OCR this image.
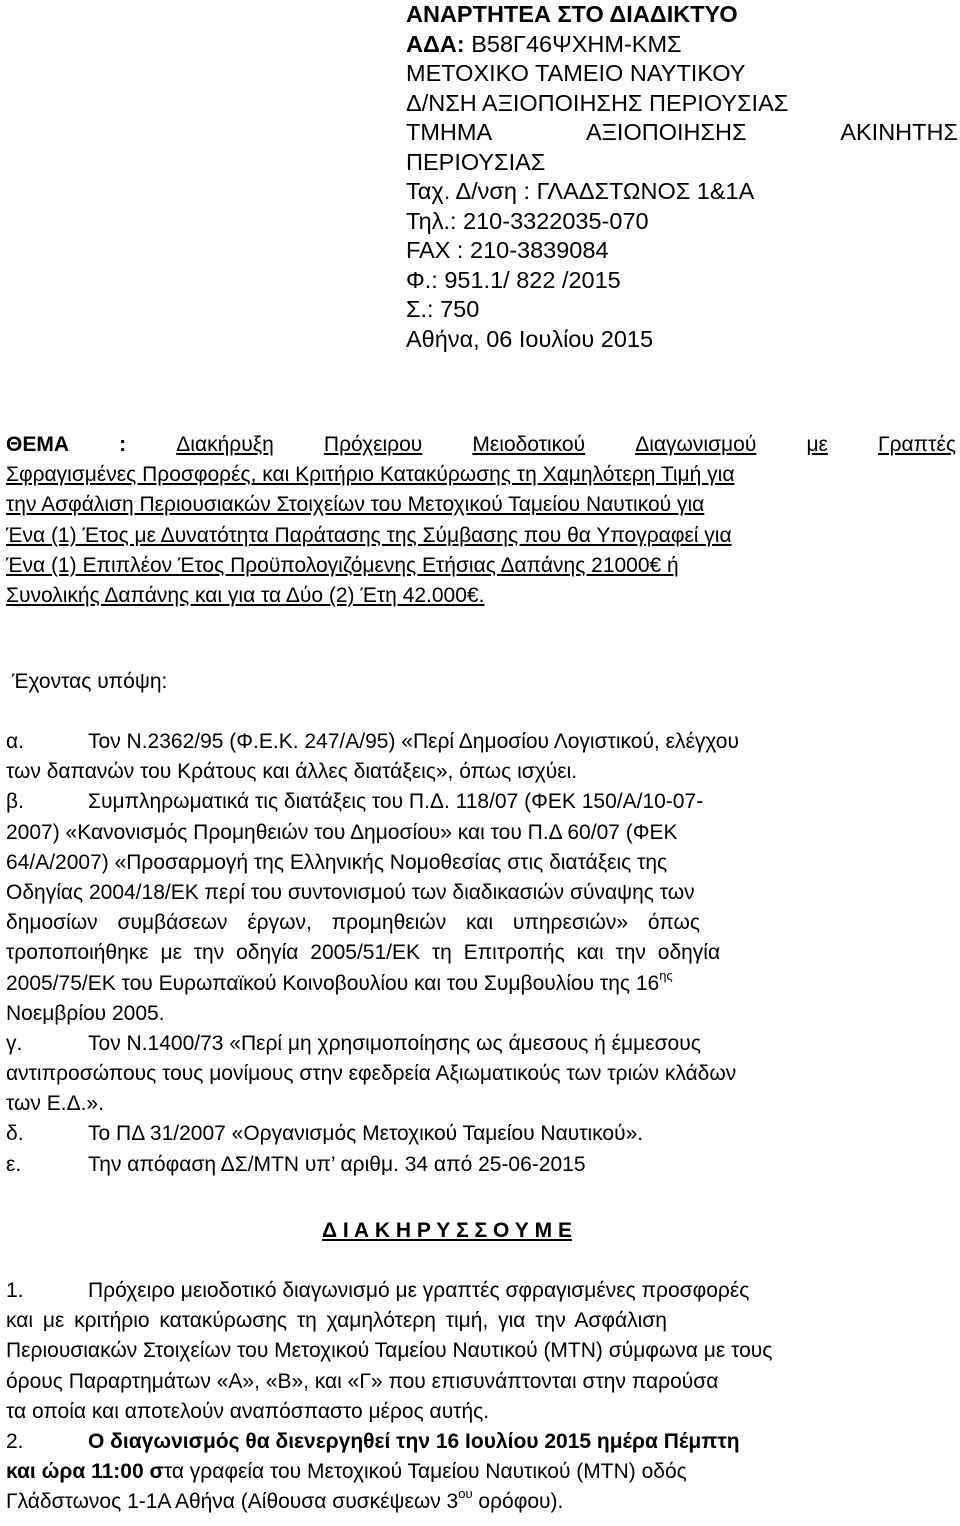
ΑΝΑΡΤΗΤΕΑ ΣΤΟ ΔΙΑΔΙΚΤΥΟ
ΑΔΑ: Β58Γ46ΨΧΗΜ-ΚΜΣ
ΜΕΤΟΧΙΚΟ ΤΑΜΕΙΟ ΝΑΥΤΙΚΟΥ
Δ/ΝΣΗ ΑΞΙΟΠΟΙΗΣΗΣ ΠΕΡΙΟΥΣΙΑΣ
ΤΜΗΜΑ	ΑΞΙΟΠΟΙΗΣΗΣ	ΑΚΙΝΗΤΗΣ
ΠΕΡΙΟΥΣΙΑΣ
Ταχ. Δ/νση : ΓΛΑΔΣΤΩΝΟΣ 1&1Α
Τηλ.: 210-3322035-070
FAX : 210-3839084
Φ.: 951.1/ 822 /2015
Σ.: 750
Αθήνα, 06 Ιουλίου 2015
ΘΕΜΑ : Διακήρυξη Πρόχειρου Μειοδοτικού Διαγωνισμού με Γραπτές
Σφραγισμένες Προσφορές, και Κριτήριο Κατακύρωσης τη Χαμηλότερη Τιμή για
την Ασφάλιση Περιουσιακών Στοιχείων του Μετοχικού Ταμείου Ναυτικού για
Ένα (1) Έτος με Δυνατότητα Παράτασης της Σύμβασης που θα Υπογραφεί για
Ένα (1) Επιπλέον Έτος Προϋπολογιζόμενης Ετήσιας Δαπάνης 21000€ ή
Συνολικής Δαπάνης και για τα Δύο (2) Έτη 42.000€.
Έχοντας υπόψη:
α.	Τον Ν.2362/95 (Φ.Ε.Κ. 247/Α/95) «Περί Δημοσίου Λογιστικού, ελέγχου
των δαπανών του Κράτους και άλλες διατάξεις», όπως ισχύει.
β.	Συμπληρωματικά τις διατάξεις του Π.Δ. 118/07 (ΦΕΚ 150/Α/10-07-
2007) «Κανονισμός Προμηθειών του Δημοσίου» και του Π.Δ 60/07 (ΦΕΚ
64/Α/2007) «Προσαρμογή της Ελληνικής Νομοθεσίας στις διατάξεις της
Οδηγίας 2004/18/ΕΚ περί του συντονισμού των διαδικασιών σύναψης των
δημοσίων συμβάσεων έργων, προμηθειών και υπηρεσιών» όπως
τροποποιήθηκε με την οδηγία 2005/51/ΕΚ τη Επιτροπής και την οδηγία
2005/75/ΕΚ του Ευρωπαϊκού Κοινοβουλίου και του Συμβουλίου της $16^{\eta\varsigma}$
Νοεμβρίου 2005.
γ.	Τον Ν.1400/73 «Περί μη χρησιμοποίησης ως άμεσους ή έμμεσους
αντιπροσώπους τους μονίμους στην εφεδρεία Αξιωματικούς των τριών κλάδων
των Ε.Δ.».
δ.	Το ΠΔ 31/2007 «Οργανισμός Μετοχικού Ταμείου Ναυτικού».
ε.	Την απόφαση ΔΣ/ΜΤΝ υπ’ αριθμ. 34 από 25-06-2015
Δ Ι Α Κ Η Ρ Υ Σ Σ Ο Υ Μ Ε
1.	Πρόχειρο μειοδοτικό διαγωνισμό με γραπτές σφραγισμένες προσφορές
και με κριτήριο κατακύρωσης τη χαμηλότερη τιμή, για την Ασφάλιση
Περιουσιακών Στοιχείων του Μετοχικού Ταμείου Ναυτικού (ΜΤΝ) σύμφωνα με τους
όρους Παραρτημάτων «Α», «Β», και «Γ» που επισυνάπτονται στην παρούσα
τα οποία και αποτελούν αναπόσπαστο μέρος αυτής.
2.	Ο διαγωνισμός θα διενεργηθεί την 16 Ιουλίου 2015 ημέρα Πέμπτη
και ώρα 11:00 στα γραφεία του Μετοχικού Ταμείου Ναυτικού (ΜΤΝ) οδός
Γλάδστωνος 1-1Α Αθήνα (Αίθουσα συσκέψεων $3^{o\upsilon}$ ορόφου).
